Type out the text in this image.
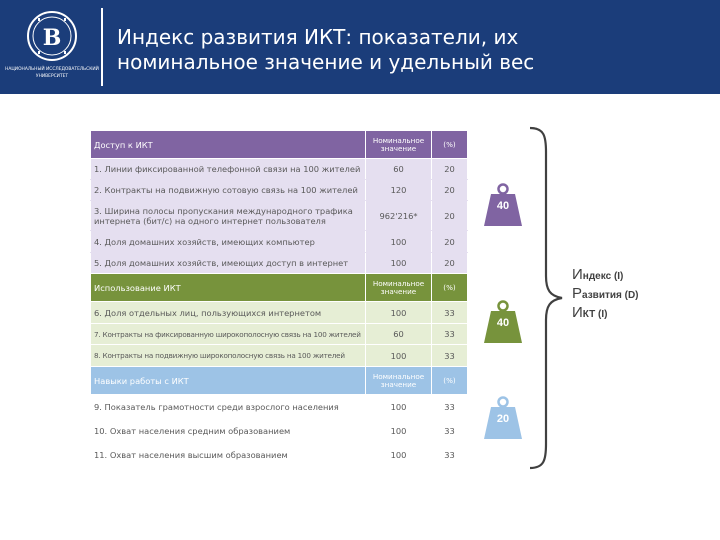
В
НАЦИОНАЛЬНЫЙ ИССЛЕДОВАТЕЛЬСКИЙ
УНИВЕРСИТЕТ
Индекс развития ИКТ: показатели, их
номинальное значение и удельный вес
Доступ к ИКТ	Номинальное значение	(%)
1. Линии фиксированной телефонной связи на 100 жителей	60	20
2. Контракты на подвижную сотовую связь на 100 жителей	120	20
3. Ширина полосы пропускания международного трафика интернета (бит/с) на одного интернет пользователя	962'216*	20
4. Доля домашних хозяйств, имеющих компьютер	100	20
5. Доля домашних хозяйств, имеющих доступ в интернет	100	20
Использование ИКТ	Номинальное значение	(%)
6. Доля отдельных лиц, пользующихся интернетом	100	33
7. Контракты на фиксированную широкополосную связь на 100 жителей	60	33
8. Контракты на подвижную широкополосную связь на 100 жителей	100	33
Навыки работы с ИКТ	Номинальное значение	(%)
9. Показатель грамотности среди взрослого населения	100	33
10. Охват населения средним образованием	100	33
11. Охват населения высшим образованием	100	33
40
40
20
Индекс (I)
Развития (D)
ИКТ (I)
